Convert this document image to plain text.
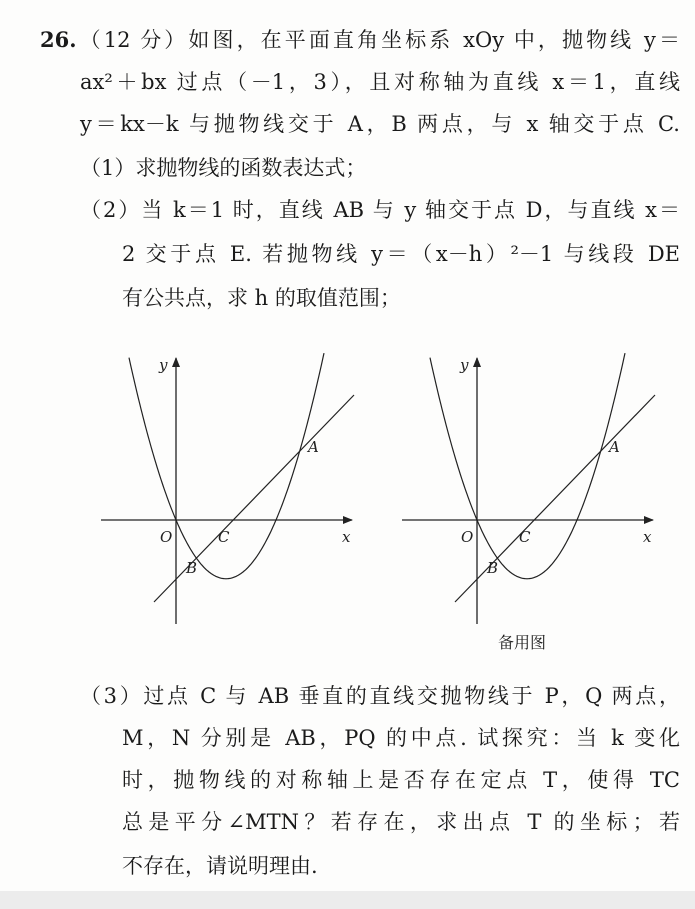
26.（12 分）如图，在平面直角坐标系 xOy 中，抛物线 y＝
ax²＋bx 过点（－1，3），且对称轴为直线 x＝1，直线
y＝kx－k 与抛物线交于 A，B 两点，与 x 轴交于点 C.
（1）求抛物线的函数表达式；
（2）当 k＝1 时，直线 AB 与 y 轴交于点 D，与直线 x＝
2 交于点 E. 若抛物线 y＝（x－h）²－1 与线段 DE
有公共点，求 h 的取值范围；
y
x
O	C
A
B
y
x
O	C
A
B
备用图
（3）过点 C 与 AB 垂直的直线交抛物线于 P，Q 两点，
M，N 分别是 AB，PQ 的中点. 试探究：当 k 变化
时，抛物线的对称轴上是否存在定点 T，使得 TC
总是平分∠MTN？若存在，求出点 T 的坐标；若
不存在，请说明理由.
